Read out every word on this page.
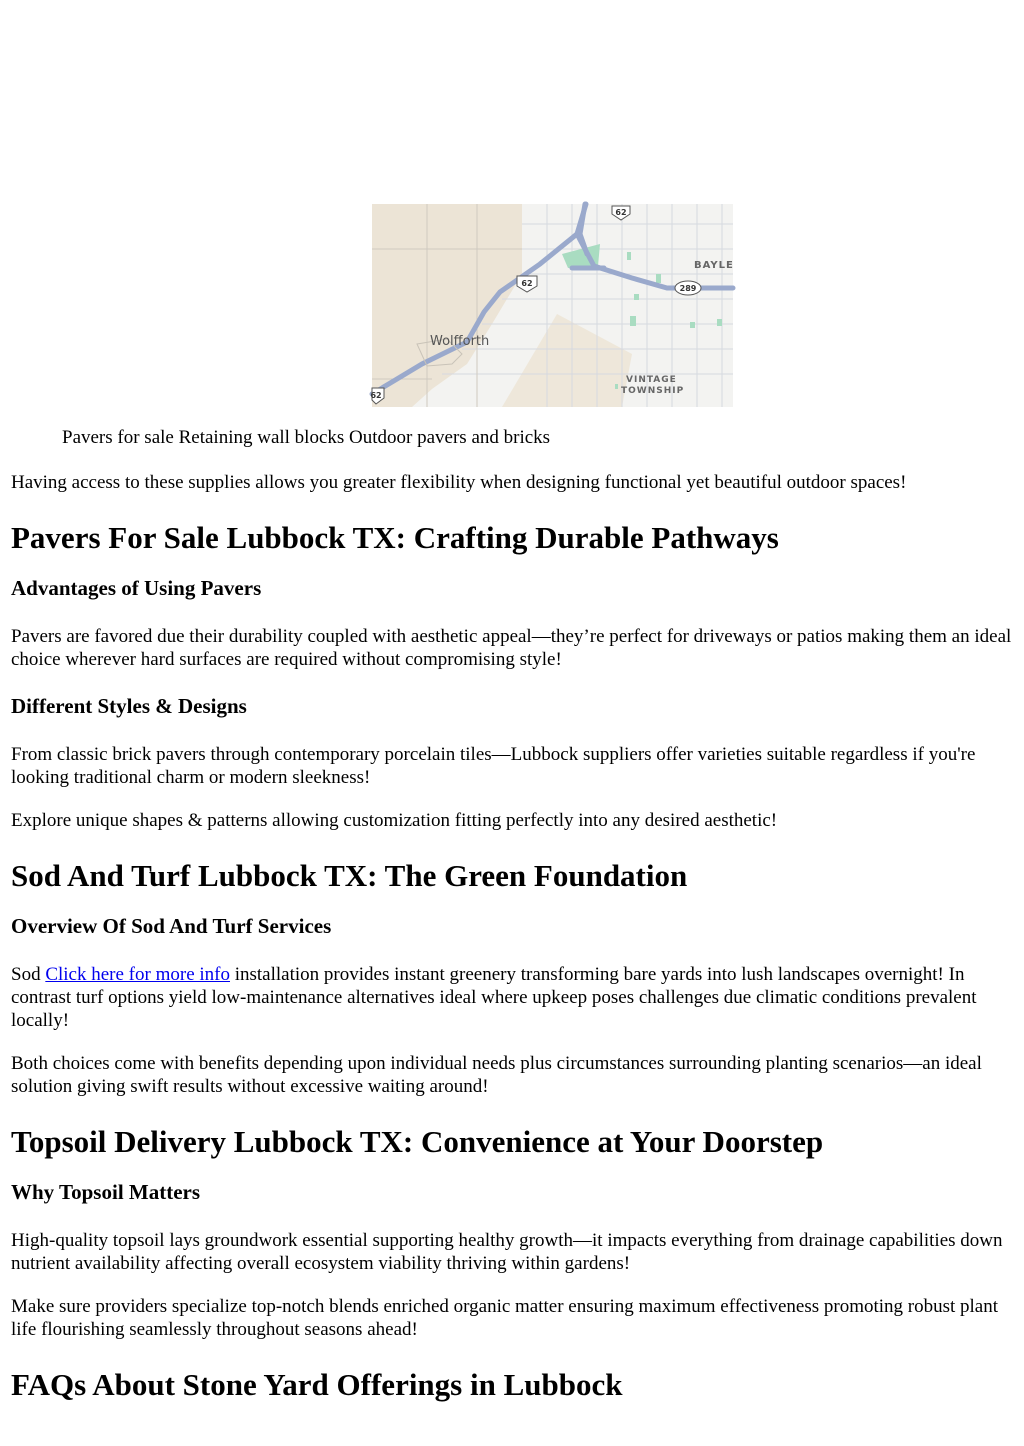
62
62
62
289
Wolfforth
BAYLE
VINTAGE
TOWNSHIP

Pavers for sale Retaining wall blocks Outdoor pavers and bricks

Having access to these supplies allows you greater flexibility when designing functional yet beautiful outdoor spaces!

Pavers For Sale Lubbock TX: Crafting Durable Pathways
Advantages of Using Pavers

Pavers are favored due their durability coupled with aesthetic appeal—they’re perfect for driveways or patios making them an ideal choice wherever hard surfaces are required without compromising style!

Different Styles & Designs

From classic brick pavers through contemporary porcelain tiles—Lubbock suppliers offer varieties suitable regardless if you're looking traditional charm or modern sleekness!

Explore unique shapes & patterns allowing customization fitting perfectly into any desired aesthetic!

Sod And Turf Lubbock TX: The Green Foundation
Overview Of Sod And Turf Services

Sod Click here for more info installation provides instant greenery transforming bare yards into lush landscapes overnight! In contrast turf options yield low-maintenance alternatives ideal where upkeep poses challenges due climatic conditions prevalent locally!

Both choices come with benefits depending upon individual needs plus circumstances surrounding planting scenarios—an ideal solution giving swift results without excessive waiting around!

Topsoil Delivery Lubbock TX: Convenience at Your Doorstep
Why Topsoil Matters

High-quality topsoil lays groundwork essential supporting healthy growth—it impacts everything from drainage capabilities down nutrient availability affecting overall ecosystem viability thriving within gardens!

Make sure providers specialize top-notch blends enriched organic matter ensuring maximum effectiveness promoting robust plant life flourishing seamlessly throughout seasons ahead!

FAQs About Stone Yard Offerings in Lubbock
